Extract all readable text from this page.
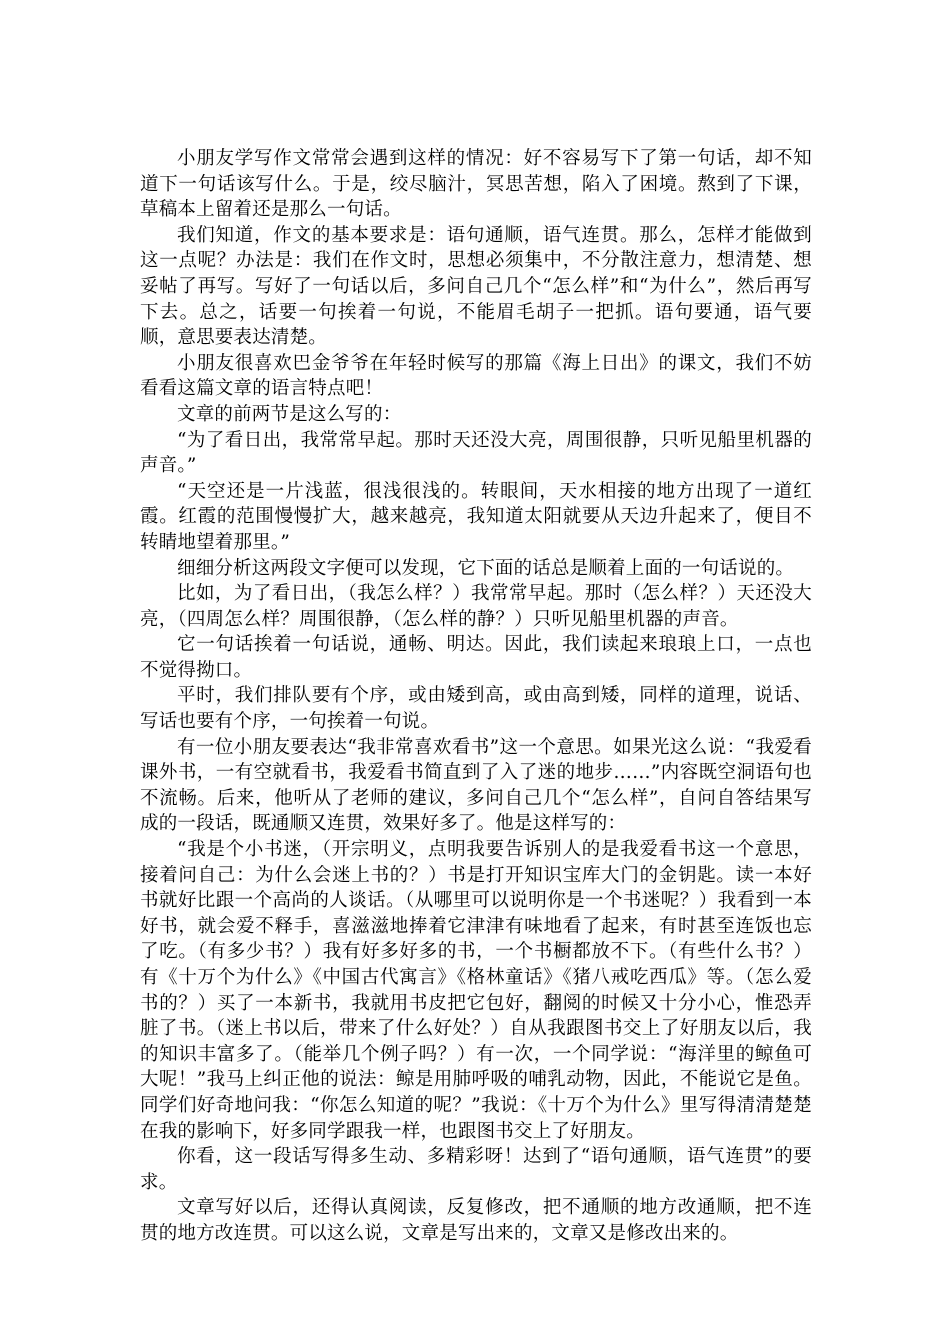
小朋友学写作文常常会遇到这样的情况：好不容易写下了第一句话，却不知道下一句话该写什么。于是，绞尽脑汁，冥思苦想，陷入了困境。熬到了下课，草稿本上留着还是那么一句话。

我们知道，作文的基本要求是：语句通顺，语气连贯。那么，怎样才能做到这一点呢？办法是：我们在作文时，思想必须集中，不分散注意力，想清楚、想妥帖了再写。写好了一句话以后，多问自己几个“怎么样”和“为什么”，然后再写下去。总之，话要一句挨着一句说，不能眉毛胡子一把抓。语句要通，语气要顺，意思要表达清楚。

小朋友很喜欢巴金爷爷在年轻时候写的那篇《海上日出》的课文，我们不妨看看这篇文章的语言特点吧！

文章的前两节是这么写的：

“为了看日出，我常常早起。那时天还没大亮，周围很静，只听见船里机器的声音。”

“天空还是一片浅蓝，很浅很浅的。转眼间，天水相接的地方出现了一道红霞。红霞的范围慢慢扩大，越来越亮，我知道太阳就要从天边升起来了，便目不转睛地望着那里。”

细细分析这两段文字便可以发现，它下面的话总是顺着上面的一句话说的。

比如，为了看日出，（我怎么样？）我常常早起。那时（怎么样？）天还没大亮，（四周怎么样？周围很静，（怎么样的静？）只听见船里机器的声音。

它一句话挨着一句话说，通畅、明达。因此，我们读起来琅琅上口，一点也不觉得拗口。

平时，我们排队要有个序，或由矮到高，或由高到矮，同样的道理，说话、写话也要有个序，一句挨着一句说。

有一位小朋友要表达“我非常喜欢看书”这一个意思。如果光这么说：“我爱看课外书，一有空就看书，我爱看书简直到了入了迷的地步……”内容既空洞语句也不流畅。后来，他听从了老师的建议，多问自己几个“怎么样”，自问自答结果写成的一段话，既通顺又连贯，效果好多了。他是这样写的：

“我是个小书迷，（开宗明义，点明我要告诉别人的是我爱看书这一个意思，接着问自己：为什么会迷上书的？）书是打开知识宝库大门的金钥匙。读一本好书就好比跟一个高尚的人谈话。（从哪里可以说明你是一个书迷呢？）我看到一本好书，就会爱不释手，喜滋滋地捧着它津津有味地看了起来，有时甚至连饭也忘了吃。（有多少书？）我有好多好多的书，一个书橱都放不下。（有些什么书？）有《十万个为什么》《中国古代寓言》《格林童话》《猪八戒吃西瓜》等。（怎么爱书的？）买了一本新书，我就用书皮把它包好，翻阅的时候又十分小心，惟恐弄脏了书。（迷上书以后，带来了什么好处？）自从我跟图书交上了好朋友以后，我的知识丰富多了。（能举几个例子吗？）有一次，一个同学说：“海洋里的鲸鱼可大呢！”我马上纠正他的说法：鲸是用肺呼吸的哺乳动物，因此，不能说它是鱼。同学们好奇地问我：“你怎么知道的呢？”我说：《十万个为什么》里写得清清楚楚在我的影响下，好多同学跟我一样，也跟图书交上了好朋友。

你看，这一段话写得多生动、多精彩呀！达到了“语句通顺，语气连贯”的要求。

文章写好以后，还得认真阅读，反复修改，把不通顺的地方改通顺，把不连贯的地方改连贯。可以这么说，文章是写出来的，文章又是修改出来的。
